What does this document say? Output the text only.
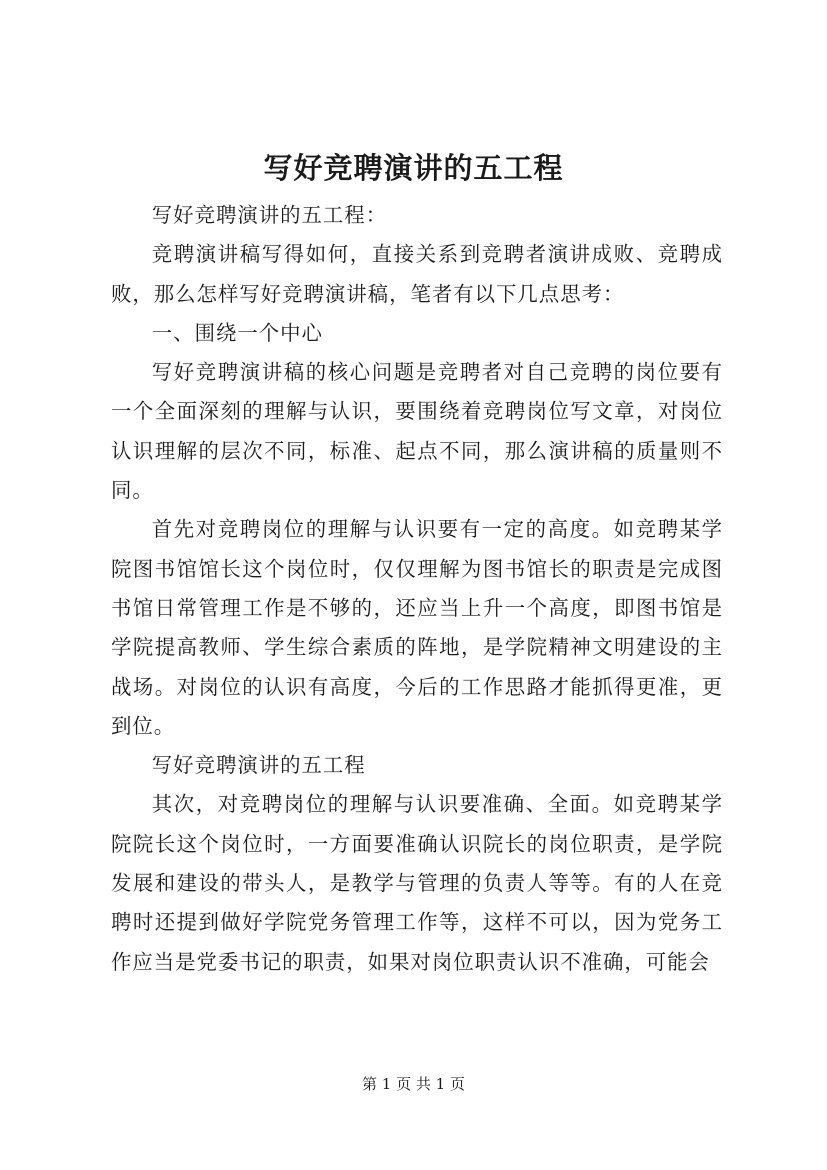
写好竞聘演讲的五工程

写好竞聘演讲的五工程：

竞聘演讲稿写得如何，直接关系到竞聘者演讲成败、竞聘成败，那么怎样写好竞聘演讲稿，笔者有以下几点思考：

一、围绕一个中心

写好竞聘演讲稿的核心问题是竞聘者对自己竞聘的岗位要有一个全面深刻的理解与认识，要围绕着竞聘岗位写文章，对岗位认识理解的层次不同，标准、起点不同，那么演讲稿的质量则不同。

首先对竞聘岗位的理解与认识要有一定的高度。如竞聘某学院图书馆馆长这个岗位时，仅仅理解为图书馆长的职责是完成图书馆日常管理工作是不够的，还应当上升一个高度，即图书馆是学院提高教师、学生综合素质的阵地，是学院精神文明建设的主战场。对岗位的认识有高度，今后的工作思路才能抓得更准，更到位。

写好竞聘演讲的五工程

其次，对竞聘岗位的理解与认识要准确、全面。如竞聘某学院院长这个岗位时，一方面要准确认识院长的岗位职责，是学院发展和建设的带头人，是教学与管理的负责人等等。有的人在竞聘时还提到做好学院党务管理工作等，这样不可以，因为党务工作应当是党委书记的职责，如果对岗位职责认识不准确，可能会

第 1 页 共 1 页
